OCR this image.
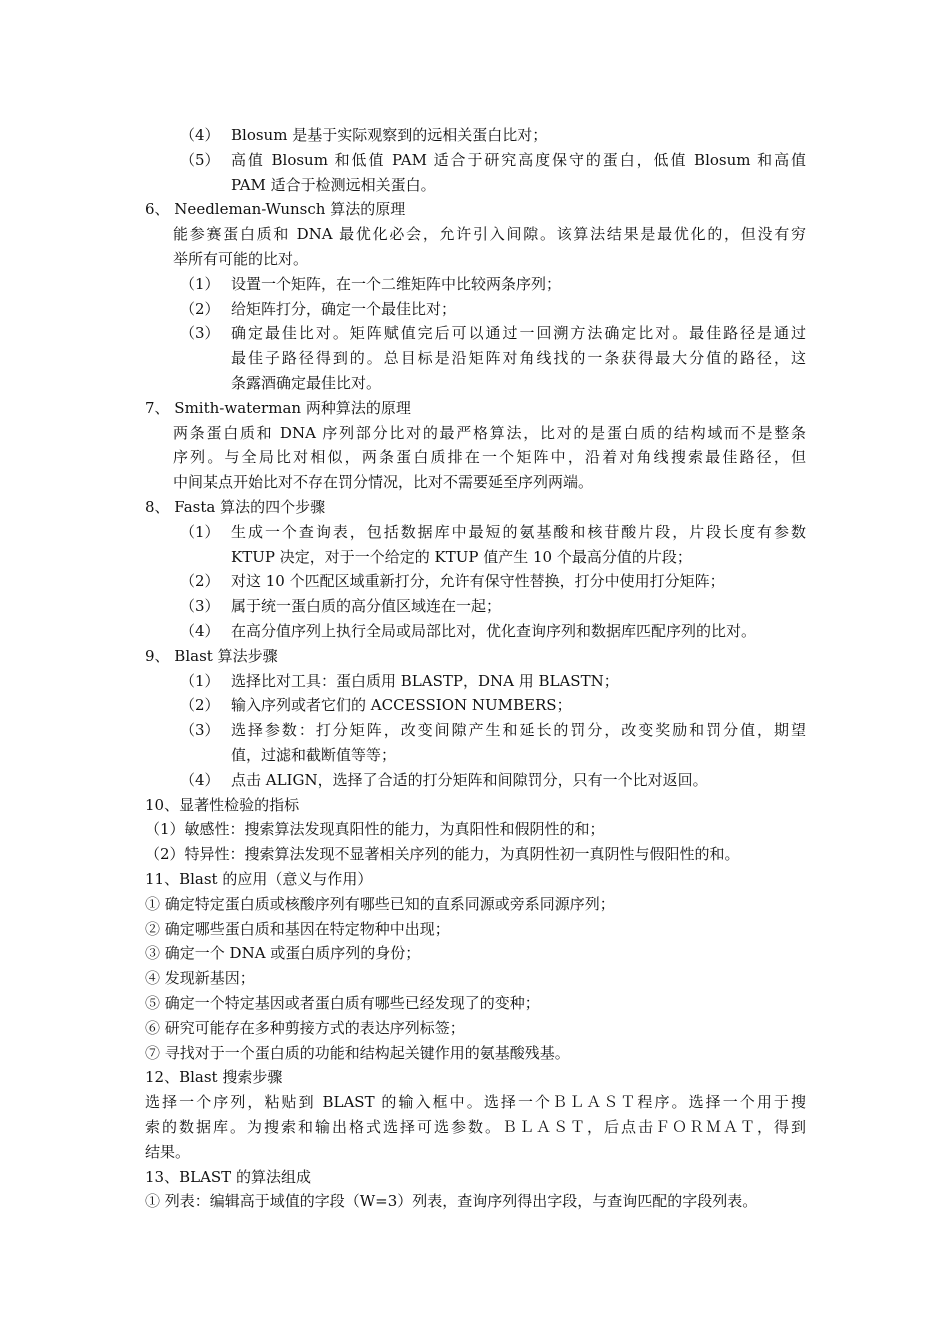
（4） Blosum 是基于实际观察到的远相关蛋白比对；
（5） 高值 Blosum 和低值 PAM 适合于研究高度保守的蛋白，低值 Blosum 和高值
PAM 适合于检测远相关蛋白。
6、 Needleman-Wunsch 算法的原理
能参赛蛋白质和 DNA 最优化必会，允许引入间隙。该算法结果是最优化的，但没有穷
举所有可能的比对。
（1） 设置一个矩阵，在一个二维矩阵中比较两条序列；
（2） 给矩阵打分，确定一个最佳比对；
（3） 确定最佳比对。矩阵赋值完后可以通过一回溯方法确定比对。最佳路径是通过
最佳子路径得到的。总目标是沿矩阵对角线找的一条获得最大分值的路径，这
条露酒确定最佳比对。
7、 Smith-waterman 两种算法的原理
两条蛋白质和 DNA 序列部分比对的最严格算法，比对的是蛋白质的结构域而不是整条
序列。与全局比对相似，两条蛋白质排在一个矩阵中，沿着对角线搜索最佳路径，但
中间某点开始比对不存在罚分情况，比对不需要延至序列两端。
8、 Fasta 算法的四个步骤
（1） 生成一个查询表，包括数据库中最短的氨基酸和核苷酸片段，片段长度有参数
KTUP 决定，对于一个给定的 KTUP 值产生 10 个最高分值的片段；
（2） 对这 10 个匹配区域重新打分，允许有保守性替换，打分中使用打分矩阵；
（3） 属于统一蛋白质的高分值区域连在一起；
（4） 在高分值序列上执行全局或局部比对，优化查询序列和数据库匹配序列的比对。
9、 Blast 算法步骤
（1） 选择比对工具：蛋白质用 BLASTP，DNA 用 BLASTN；
（2） 输入序列或者它们的 ACCESSION NUMBERS；
（3） 选择参数：打分矩阵，改变间隙产生和延长的罚分，改变奖励和罚分值，期望
值，过滤和截断值等等；
（4） 点击 ALIGN，选择了合适的打分矩阵和间隙罚分，只有一个比对返回。
10、显著性检验的指标
（1）敏感性：搜索算法发现真阳性的能力，为真阳性和假阴性的和；
（2）特异性：搜索算法发现不显著相关序列的能力，为真阴性初一真阴性与假阳性的和。
11、Blast 的应用（意义与作用）
① 确定特定蛋白质或核酸序列有哪些已知的直系同源或旁系同源序列；
② 确定哪些蛋白质和基因在特定物种中出现；
③ 确定一个 DNA 或蛋白质序列的身份；
④ 发现新基因；
⑤ 确定一个特定基因或者蛋白质有哪些已经发现了的变种；
⑥ 研究可能存在多种剪接方式的表达序列标签；
⑦ 寻找对于一个蛋白质的功能和结构起关键作用的氨基酸残基。
12、Blast 搜索步骤
选择一个序列，粘贴到 BLAST 的输入框中。选择一个ＢＬＡＳＴ程序。选择一个用于搜
索的数据库。为搜索和输出格式选择可选参数。ＢＬＡＳＴ，后点击ＦＯＲＭＡＴ，得到
结果。
13、BLAST 的算法组成
① 列表：编辑高于域值的字段（W=3）列表，查询序列得出字段，与查询匹配的字段列表。
